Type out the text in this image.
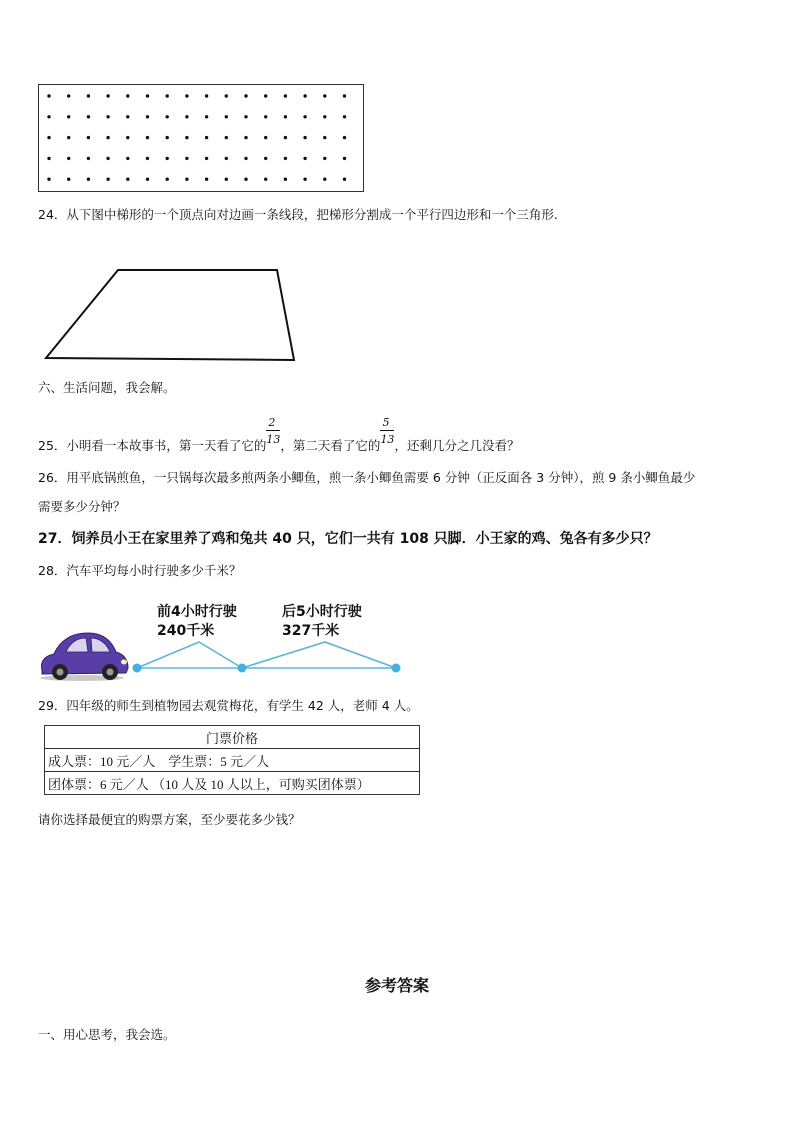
24．从下图中梯形的一个顶点向对边画一条线段，把梯形分割成一个平行四边形和一个三角形.
六、生活问题，我会解。
25．小明看一本故事书，第一天看了它的 $\frac{2}{13}$ ，第二天看了它的 $\frac{5}{13}$ ，还剩几分之几没看？
26．用平底锅煎鱼，一只锅每次最多煎两条小鲫鱼，煎一条小鲫鱼需要 6 分钟（正反面各 3 分钟），煎 9 条小鲫鱼最少
需要多少分钟？
27．饲养员小王在家里养了鸡和兔共 40 只，它们一共有 108 只脚．小王家的鸡、兔各有多少只？
28．汽车平均每小时行驶多少千米？
前4小时行驶
240千米
后5小时行驶
327千米
29．四年级的师生到植物园去观赏梅花，有学生 42 人，老师 4 人。
门票价格
成人票：10 元／人　学生票：5 元／人
团体票：6 元／人 （10 人及 10 人以上，可购买团体票）
请你选择最便宜的购票方案，至少要花多少钱？
参考答案
一、用心思考，我会选。
